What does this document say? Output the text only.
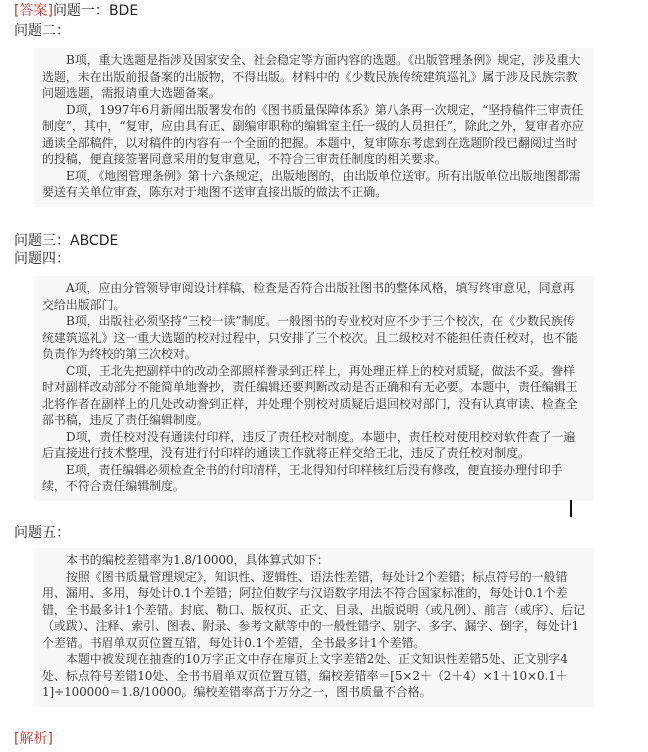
[答案]问题一：BDE
问题二：

B项，重大选题是指涉及国家安全、社会稳定等方面内容的选题。《出版管理条例》规定，涉及重大选题，未在出版前报备案的出版物，不得出版。材料中的《少数民族传统建筑巡礼》属于涉及民族宗教问题选题，需报请重大选题备案。

D项，1997年6月新闻出版署发布的《图书质量保障体系》第八条再一次规定，“坚持稿件三审责任制度”，其中，“复审，应由具有正、副编审职称的编辑室主任一级的人员担任”，除此之外，复审者亦应通读全部稿件，以对稿件的内容有一个全面的把握。本题中，复审陈东考虑到在选题阶段已翻阅过当时的投稿，便直接签署同意采用的复审意见，不符合三审责任制度的相关要求。

E项，《地图管理条例》第十六条规定，出版地图的，由出版单位送审。所有出版单位出版地图都需要送有关单位审查，陈东对于地图不送审直接出版的做法不正确。

问题三：ABCDE
问题四：

A项，应由分管领导审阅设计样稿，检查是否符合出版社图书的整体风格，填写终审意见，同意再交给出版部门。

B项，出版社必须坚持“三校一读”制度。一般图书的专业校对应不少于三个校次，在《少数民族传统建筑巡礼》这一重大选题的校对过程中，只安排了三个校次。且二级校对不能担任责任校对，也不能负责作为终校的第三次校对。

C项，王北先把副样中的改动全部照样誊录到正样上，再处理正样上的校对质疑，做法不妥。誊样时对副样改动部分不能简单地誊抄，责任编辑还要判断改动是否正确和有无必要。本题中，责任编辑王北将作者在副样上的几处改动誊到正样，并处理个别校对质疑后退回校对部门，没有认真审读、检查全部书稿，违反了责任编辑制度。

D项，责任校对没有通读付印样，违反了责任校对制度。本题中，责任校对使用校对软件查了一遍后直接进行技术整理，没有进行付印样的通读工作就将正样交给王北，违反了责任校对制度。

E项，责任编辑必须检查全书的付印清样，王北得知付印样核红后没有修改，便直接办理付印手续，不符合责任编辑制度。

问题五：

本书的编校差错率为1.8/10000，具体算式如下：

按照《图书质量管理规定》，知识性、逻辑性、语法性差错，每处计2个差错；标点符号的一般错用、漏用、多用，每处计0.1个差错；阿拉伯数字与汉语数字用法不符合国家标准的，每处计0.1个差错，全书最多计1个差错。封底、勒口、版权页、正文、目录、出版说明（或凡例）、前言（或序）、后记（或跋）、注释、索引、图表、附录、参考文献等中的一般性错字、别字、多字、漏字、倒字，每处计1个差错。书眉单双页位置互错，每处计0.1个差错，全书最多计1个差错。

本题中被发现在抽查的10万字正文中存在扉页上文字差错2处、正文知识性差错5处、正文别字4处、标点符号差错10处、全书书眉单双页位置互错，编校差错率＝[5×2＋（2＋4）×1＋10×0.1＋1]÷100000＝1.8/10000。编校差错率高于万分之一，图书质量不合格。

[解析]
